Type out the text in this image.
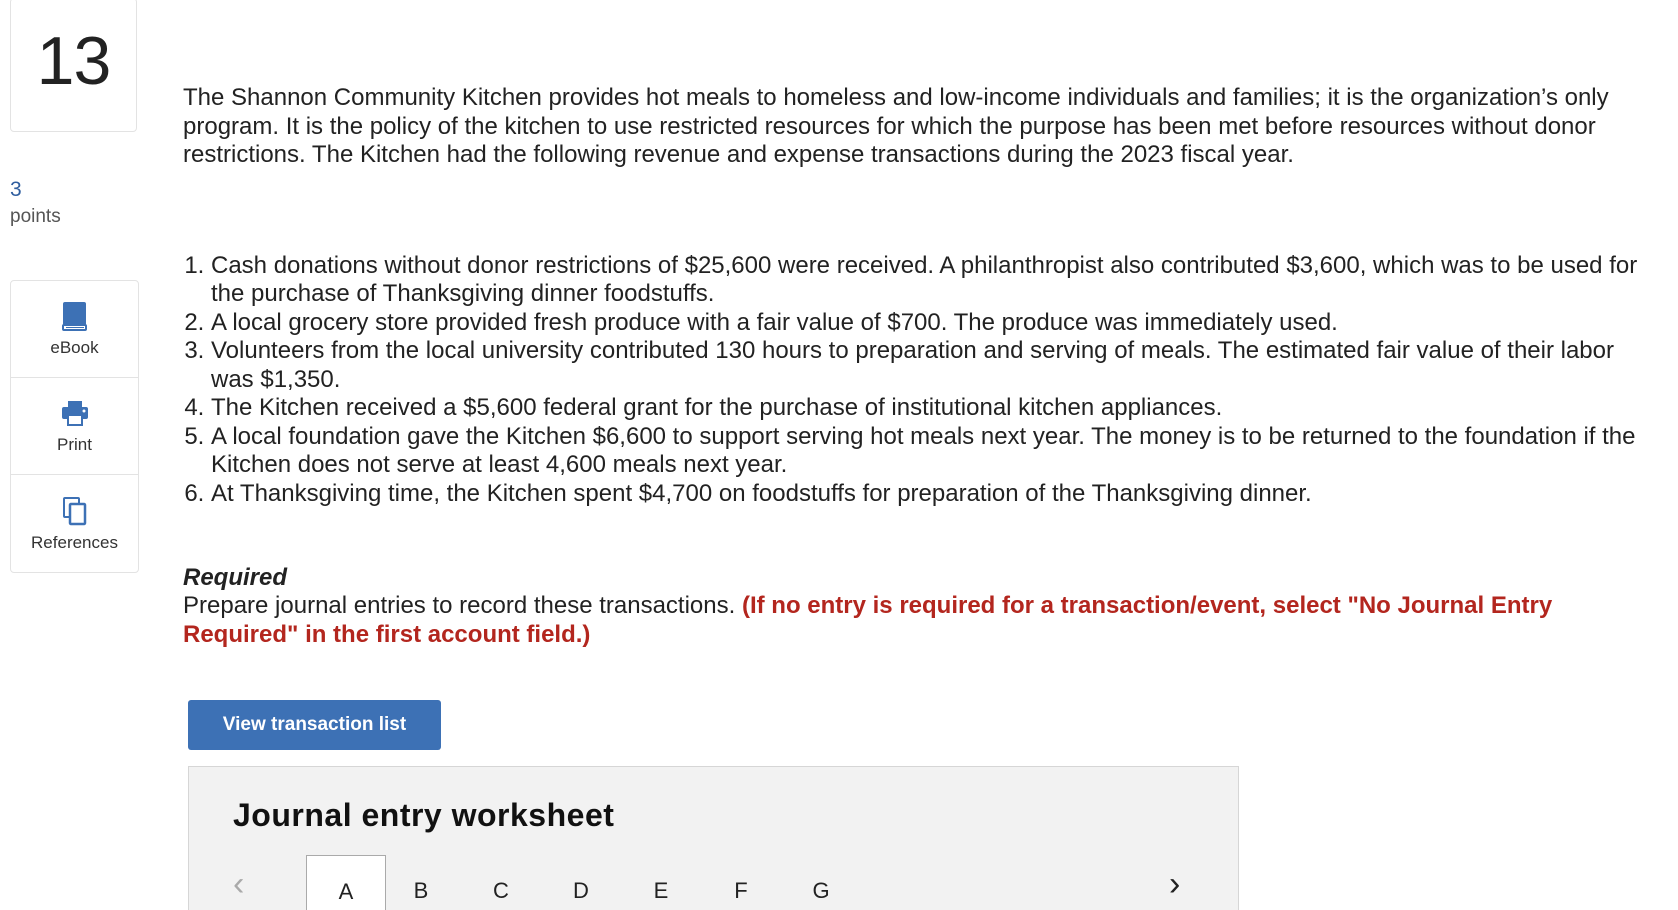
13
3
points
eBook
Print
References

The Shannon Community Kitchen provides hot meals to homeless and low-income individuals and families; it is the organization’s only program. It is the policy of the kitchen to use restricted resources for which the purpose has been met before resources without donor restrictions. The Kitchen had the following revenue and expense transactions during the 2023 fiscal year.

1. Cash donations without donor restrictions of $25,600 were received. A philanthropist also contributed $3,600, which was to be used for the purchase of Thanksgiving dinner foodstuffs.
2. A local grocery store provided fresh produce with a fair value of $700. The produce was immediately used.
3. Volunteers from the local university contributed 130 hours to preparation and serving of meals. The estimated fair value of their labor was $1,350.
4. The Kitchen received a $5,600 federal grant for the purchase of institutional kitchen appliances.
5. A local foundation gave the Kitchen $6,600 to support serving hot meals next year. The money is to be returned to the foundation if the Kitchen does not serve at least 4,600 meals next year.
6. At Thanksgiving time, the Kitchen spent $4,700 on foodstuffs for preparation of the Thanksgiving dinner.
Required

Prepare journal entries to record these transactions. (If no entry is required for a transaction/event, select "No Journal Entry Required" in the first account field.)

View transaction list
Journal entry worksheet
‹	A	B	C	D	E	F	G	›
